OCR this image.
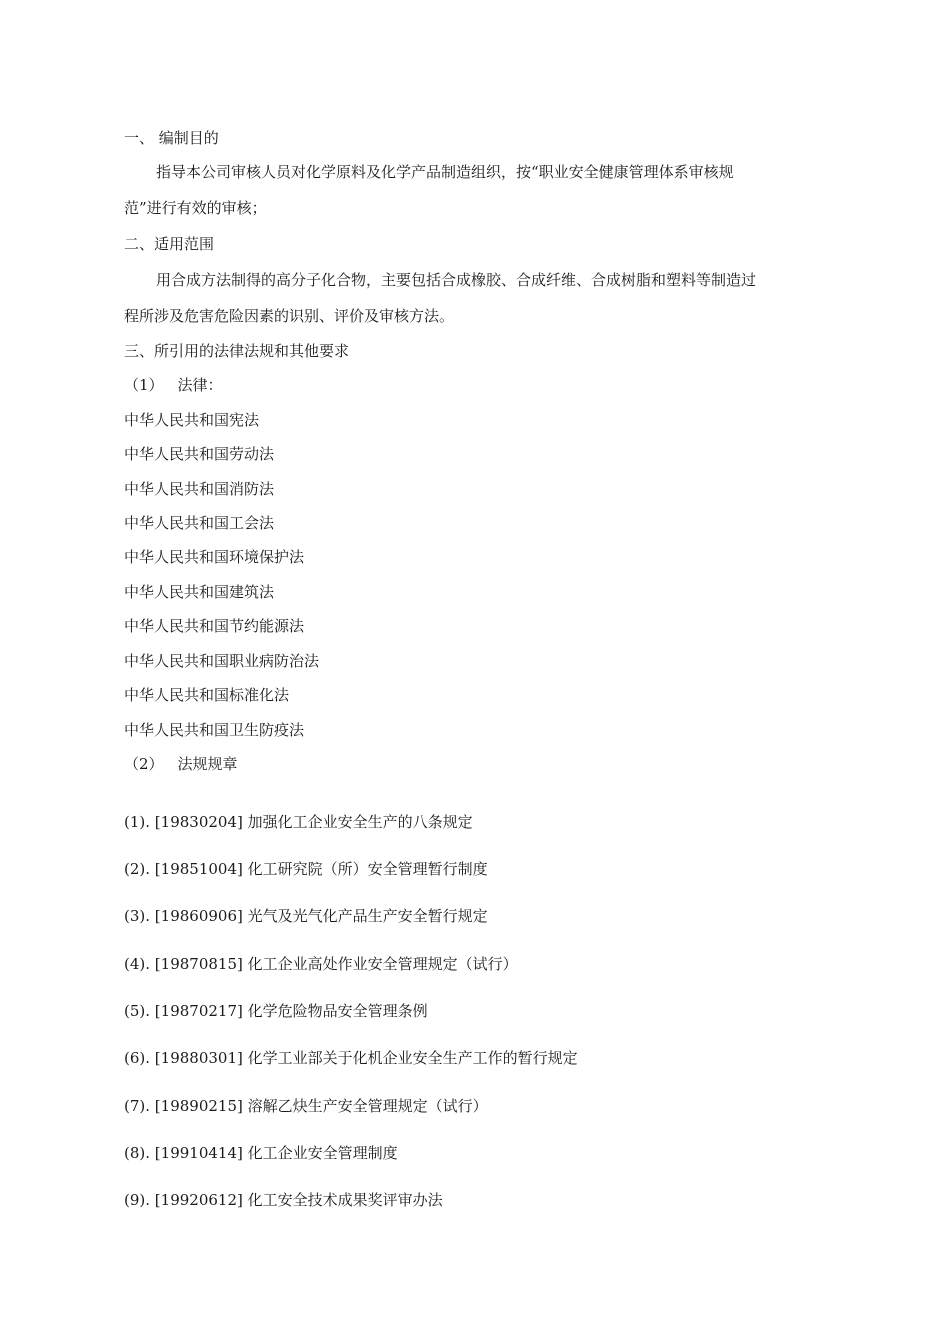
一、 编制目的
指导本公司审核人员对化学原料及化学产品制造组织，按“职业安全健康管理体系审核规
范”进行有效的审核；
二、适用范围
用合成方法制得的高分子化合物，主要包括合成橡胶、合成纤维、合成树脂和塑料等制造过
程所涉及危害危险因素的识别、评价及审核方法。
三、所引用的法律法规和其他要求
（1） 法律：
中华人民共和国宪法
中华人民共和国劳动法
中华人民共和国消防法
中华人民共和国工会法
中华人民共和国环境保护法
中华人民共和国建筑法
中华人民共和国节约能源法
中华人民共和国职业病防治法
中华人民共和国标准化法
中华人民共和国卫生防疫法
（2） 法规规章
(1). [19830204] 加强化工企业安全生产的八条规定
(2). [19851004] 化工研究院（所）安全管理暂行制度
(3). [19860906] 光气及光气化产品生产安全暂行规定
(4). [19870815] 化工企业高处作业安全管理规定（试行）
(5). [19870217] 化学危险物品安全管理条例
(6). [19880301] 化学工业部关于化机企业安全生产工作的暂行规定
(7). [19890215] 溶解乙炔生产安全管理规定（试行）
(8). [19910414] 化工企业安全管理制度
(9). [19920612] 化工安全技术成果奖评审办法
